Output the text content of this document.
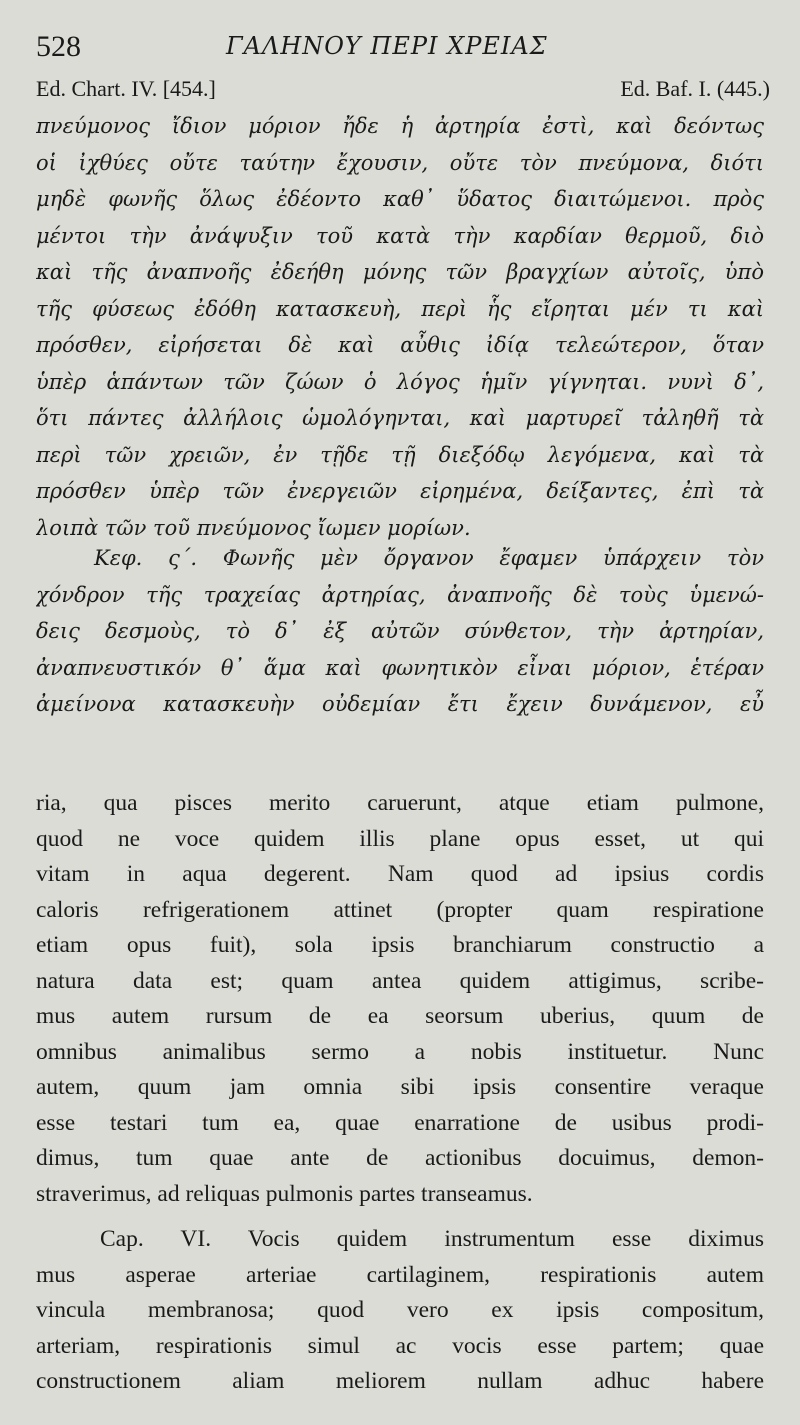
528	ΓΑΛΗΝΟΥ ΠΕΡΙ ΧΡΕΙΑΣ
Ed. Chart. IV. [454.]	Ed. Baf. I. (445.)
πνεύμονος ἴδιον μόριον ἤδε ἡ ἀρτηρία ἐστὶ, καὶ δεόντως
οἱ ἰχθύες οὔτε ταύτην ἔχουσιν, οὔτε τὸν πνεύμονα, διότι
μηδὲ φωνῆς ὅλως ἐδέοντο καθ᾽ ὕδατος διαιτώμενοι. πρὸς
μέντοι τὴν ἀνάψυξιν τοῦ κατὰ τὴν καρδίαν θερμοῦ, διὸ
καὶ τῆς ἀναπνοῆς ἐδεήθη μόνης τῶν βραγχίων αὐτοῖς, ὑπὸ
τῆς φύσεως ἐδόθη κατασκευὴ, περὶ ἧς εἴρηται μέν τι καὶ
πρόσθεν, εἰρήσεται δὲ καὶ αὖθις ἰδίᾳ τελεώτερον, ὅταν
ὑπὲρ ἁπάντων τῶν ζώων ὁ λόγος ἡμῖν γίγνηται. νυνὶ δ᾽,
ὅτι πάντες ἀλλήλοις ὡμολόγηνται, καὶ μαρτυρεῖ τἀληθῆ τὰ
περὶ τῶν χρειῶν, ἐν τῇδε τῇ διεξόδῳ λεγόμενα, καὶ τὰ
πρόσθεν ὑπὲρ τῶν ἐνεργειῶν εἰρημένα, δείξαντες, ἐπὶ τὰ
λοιπὰ τῶν τοῦ πνεύμονος ἴωμεν μορίων.
Κεφ. ς΄. Φωνῆς μὲν ὄργανον ἔφαμεν ὑπάρχειν τὸν
χόνδρον τῆς τραχείας ἀρτηρίας, ἀναπνοῆς δὲ τοὺς ὑμενώ-
δεις δεσμοὺς, τὸ δ᾽ ἐξ αὐτῶν σύνθετον, τὴν ἀρτηρίαν,
ἀναπνευστικόν θ᾽ ἅμα καὶ φωνητικὸν εἶναι μόριον, ἑτέραν
ἀμείνονα κατασκευὴν οὐδεμίαν ἔτι ἔχειν δυνάμενον, εὖ
ria, qua pisces merito caruerunt, atque etiam pulmone,
quod ne voce quidem illis plane opus esset, ut qui
vitam in aqua degerent. Nam quod ad ipsius cordis
caloris refrigerationem attinet (propter quam respiratione
etiam opus fuit), sola ipsis branchiarum constructio a
natura data est; quam antea quidem attigimus, scribe-
mus autem rursum de ea seorsum uberius, quum de
omnibus animalibus sermo a nobis instituetur. Nunc
autem, quum jam omnia sibi ipsis consentire veraque
esse testari tum ea, quae enarratione de usibus prodi-
dimus, tum quae ante de actionibus docuimus, demon-
straverimus, ad reliquas pulmonis partes transeamus.
Cap. VI. Vocis quidem instrumentum esse diximus
mus asperae arteriae cartilaginem, respirationis autem
vincula membranosa; quod vero ex ipsis compositum,
arteriam, respirationis simul ac vocis esse partem; quae
constructionem aliam meliorem nullam adhuc habere
